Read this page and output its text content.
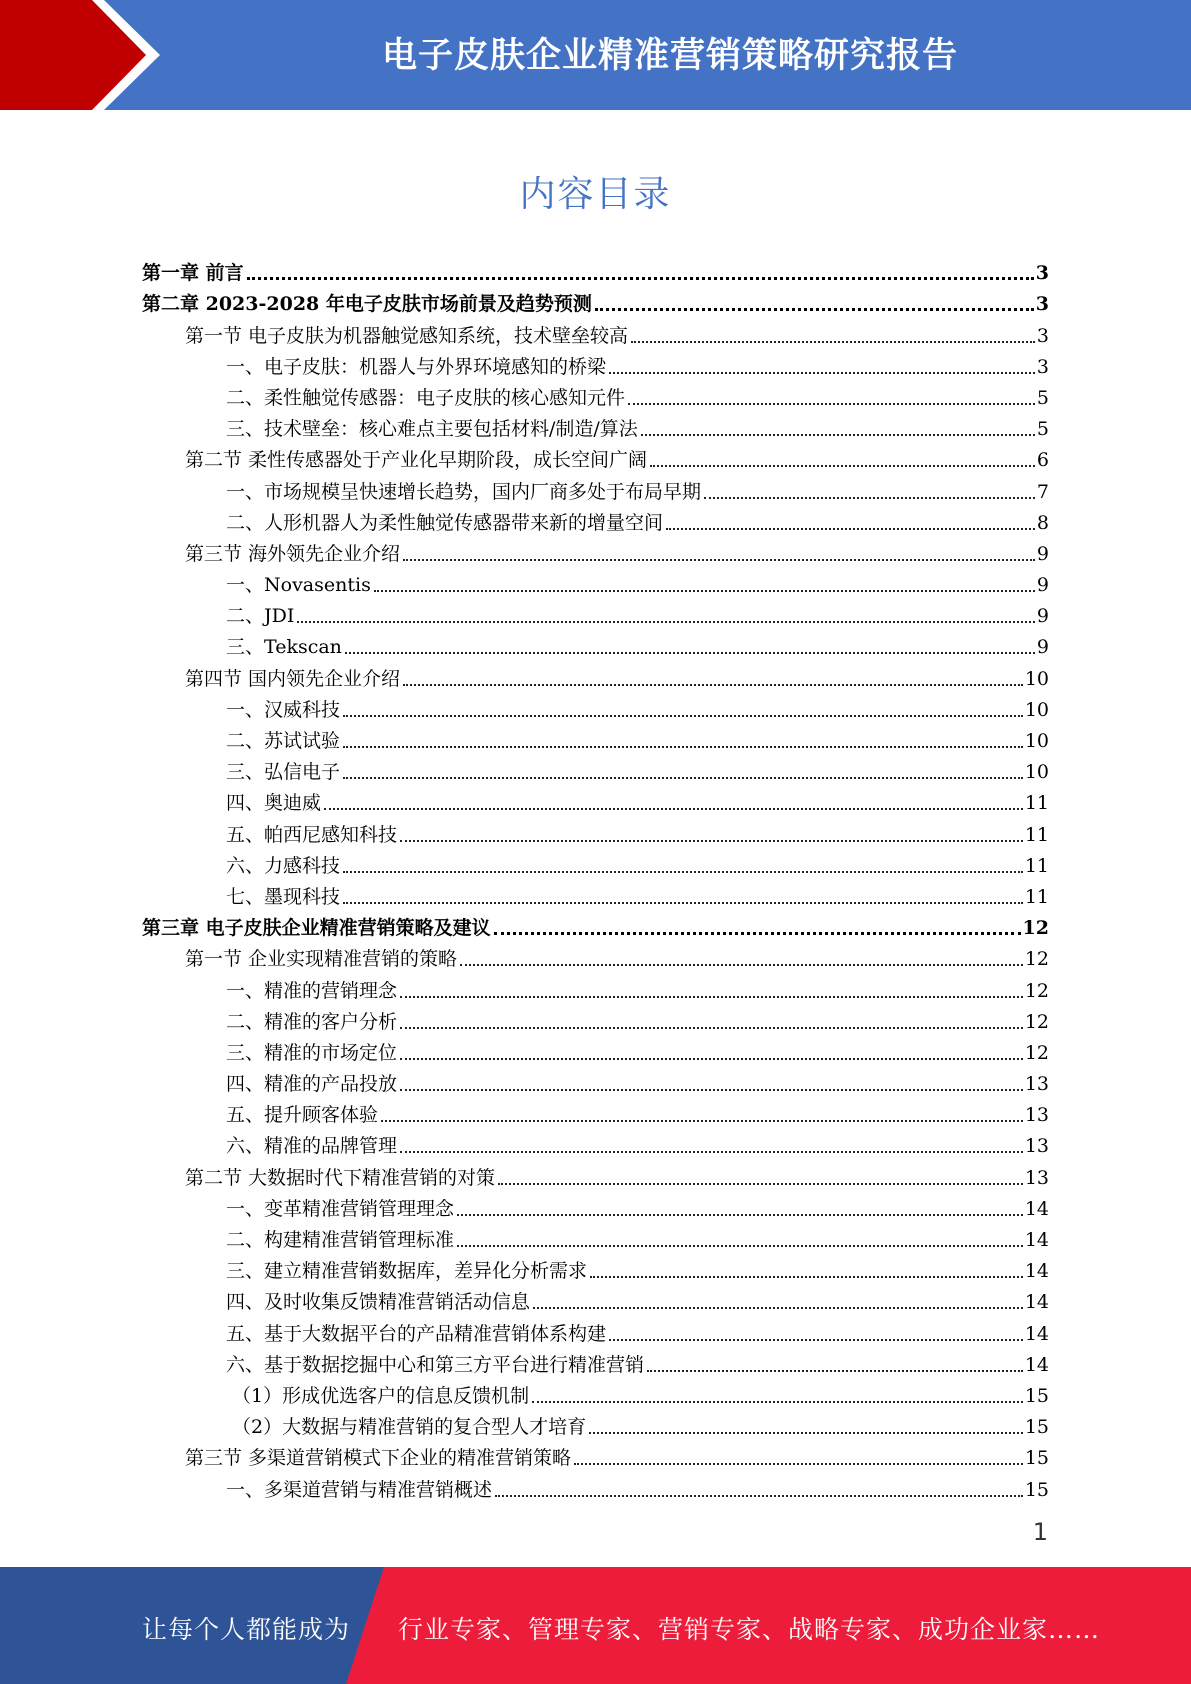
电子皮肤企业精准营销策略研究报告
内容目录
第一章 前言	3
第二章 2023-2028 年电子皮肤市场前景及趋势预测	3
第一节 电子皮肤为机器触觉感知系统，技术壁垒较高	3
一、电子皮肤：机器人与外界环境感知的桥梁	3
二、柔性触觉传感器：电子皮肤的核心感知元件	5
三、技术壁垒：核心难点主要包括材料/制造/算法	5
第二节 柔性传感器处于产业化早期阶段，成长空间广阔	6
一、市场规模呈快速增长趋势，国内厂商多处于布局早期	7
二、人形机器人为柔性触觉传感器带来新的增量空间	8
第三节 海外领先企业介绍	9
一、Novasentis	9
二、JDI	9
三、Tekscan	9
第四节 国内领先企业介绍	10
一、汉威科技	10
二、苏试试验	10
三、弘信电子	10
四、奥迪威	11
五、帕西尼感知科技	11
六、力感科技	11
七、墨现科技	11
第三章 电子皮肤企业精准营销策略及建议	12
第一节 企业实现精准营销的策略	12
一、精准的营销理念	12
二、精准的客户分析	12
三、精准的市场定位	12
四、精准的产品投放	13
五、提升顾客体验	13
六、精准的品牌管理	13
第二节 大数据时代下精准营销的对策	13
一、变革精准营销管理理念	14
二、构建精准营销管理标准	14
三、建立精准营销数据库，差异化分析需求	14
四、及时收集反馈精准营销活动信息	14
五、基于大数据平台的产品精准营销体系构建	14
六、基于数据挖掘中心和第三方平台进行精准营销	14
（1）形成优选客户的信息反馈机制	15
（2）大数据与精准营销的复合型人才培育	15
第三节 多渠道营销模式下企业的精准营销策略	15
一、多渠道营销与精准营销概述	15
1
让每个人都能成为 行业专家、管理专家、营销专家、战略专家、成功企业家……
